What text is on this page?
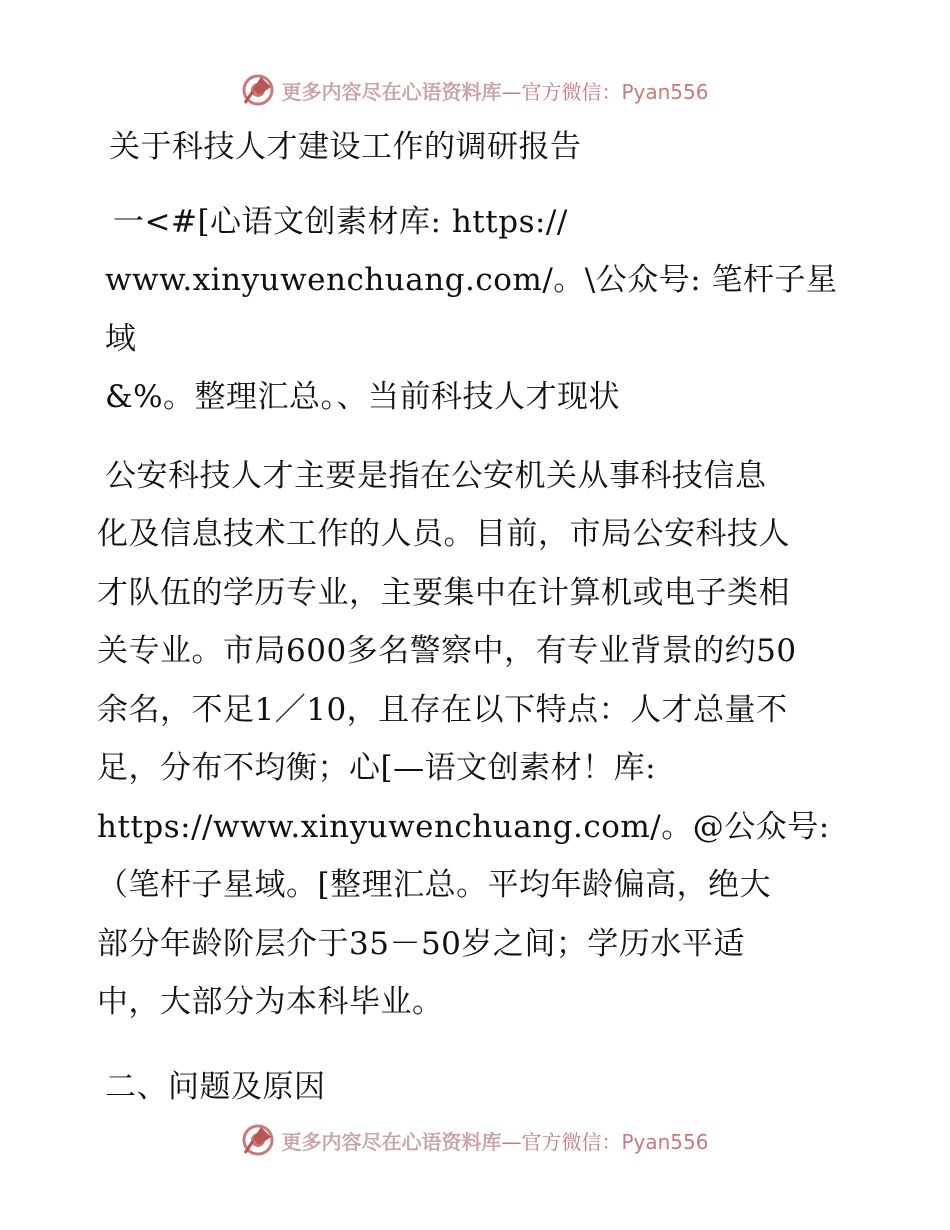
更多内容尽在心语资料库—官方微信：Pyan556

关于科技人才建设工作的调研报告

一<#[心语文创素材库: https://

www.xinyuwenchuang.com/。\公众号: 笔杆子星域

&%。整理汇总。、当前科技人才现状

公安科技人才主要是指在公安机关从事科技信息

化及信息技术工作的人员。目前，市局公安科技人

才队伍的学历专业，主要集中在计算机或电子类相

关专业。市局600多名警察中，有专业背景的约50

余名，不足1／10，且存在以下特点：人才总量不

足，分布不均衡；心[—语文创素材！库:

https://www.xinyuwenchuang.com/。@公众号:

（笔杆子星域。[整理汇总。平均年龄偏高，绝大

部分年龄阶层介于35－50岁之间；学历水平适

中，大部分为本科毕业。

二、问题及原因

更多内容尽在心语资料库—官方微信：Pyan556
